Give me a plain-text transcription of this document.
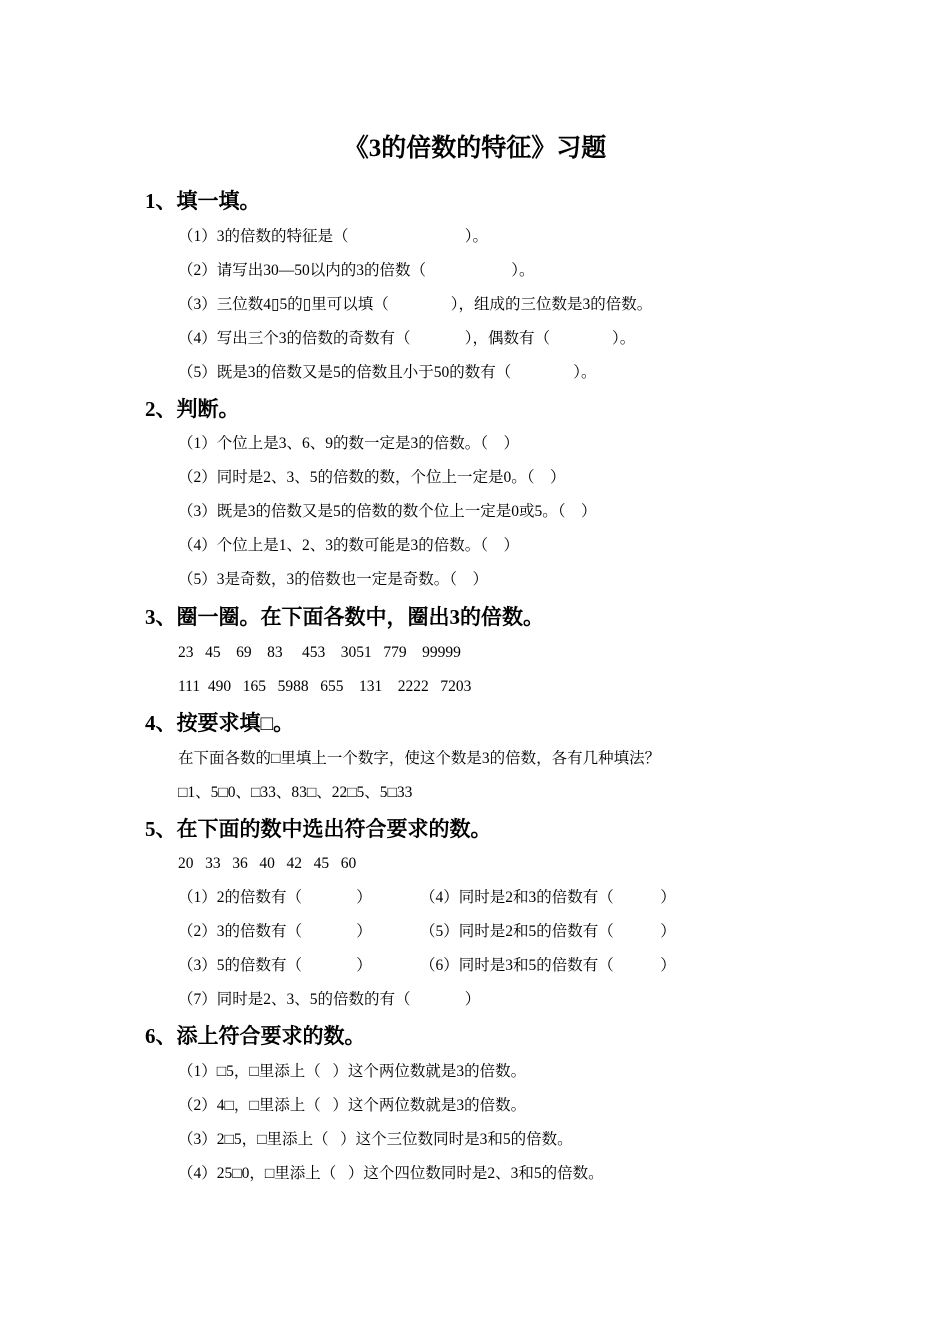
《3的倍数的特征》习题
1、填一填。
（1）3的倍数的特征是（                              ）。
（2）请写出30—50以内的3的倍数（                      ）。
（3）三位数4▯5的▯里可以填（                ），组成的三位数是3的倍数。
（4）写出三个3的倍数的奇数有（              ），偶数有（                ）。
（5）既是3的倍数又是5的倍数且小于50的数有（                ）。
2、判断。
（1）个位上是3、6、9的数一定是3的倍数。（    ）
（2）同时是2、3、5的倍数的数，个位上一定是0。（    ）
（3）既是3的倍数又是5的倍数的数个位上一定是0或5。（    ）
（4）个位上是1、2、3的数可能是3的倍数。（    ）
（5）3是奇数，3的倍数也一定是奇数。（    ）
3、圈一圈。在下面各数中，圈出3的倍数。
23   45    69    83     453    3051   779    99999
111  490   165   5988   655    131    2222   7203
4、按要求填□。
在下面各数的□里填上一个数字，使这个数是3的倍数，各有几种填法？
□1、5□0、□33、83□、22□5、5□33
5、在下面的数中选出符合要求的数。
20   33   36   40   42   45   60
（1）2的倍数有（              ）	（4）同时是2和3的倍数有（            ）
（2）3的倍数有（              ）	（5）同时是2和5的倍数有（            ）
（3）5的倍数有（              ）	（6）同时是3和5的倍数有（            ）
（7）同时是2、3、5的倍数的有（              ）
6、添上符合要求的数。
（1）□5，□里添上（   ）这个两位数就是3的倍数。
（2）4□，□里添上（   ）这个两位数就是3的倍数。
（3）2□5，□里添上（   ）这个三位数同时是3和5的倍数。
（4）25□0，□里添上（   ）这个四位数同时是2、3和5的倍数。
